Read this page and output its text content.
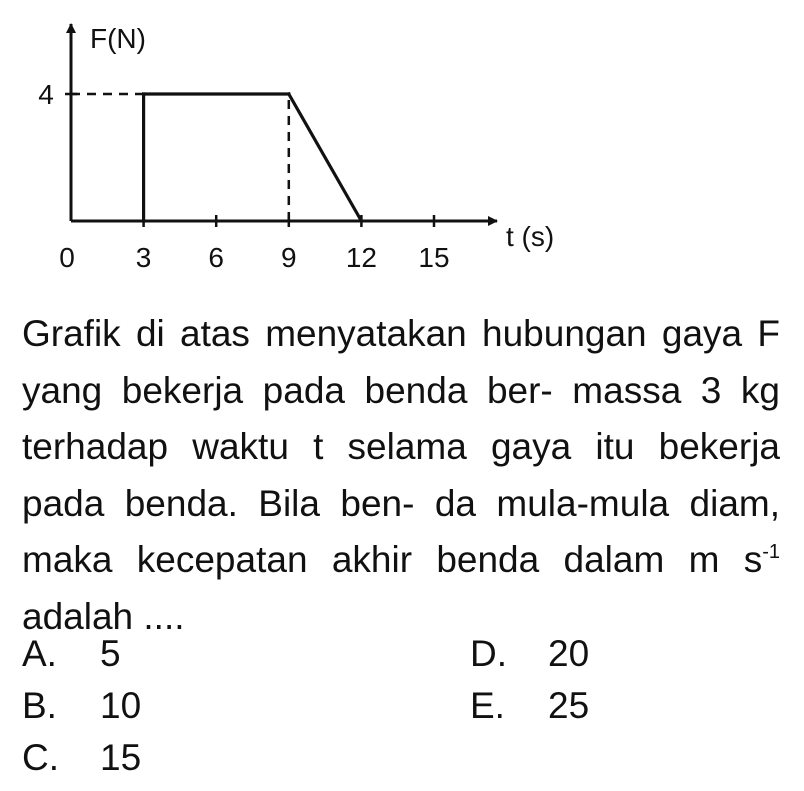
F(N)
t (s)
0 3 6 9 12 15
4

Grafik di atas menyatakan hubungan gaya F yang bekerja pada benda ber- massa 3 kg terhadap waktu t selama gaya itu bekerja pada benda. Bila ben- da mula-mula diam, maka kecepatan akhir benda dalam m $s^{-1}$ adalah ....

A. 5
B. 10
C. 15
D. 20
E. 25
